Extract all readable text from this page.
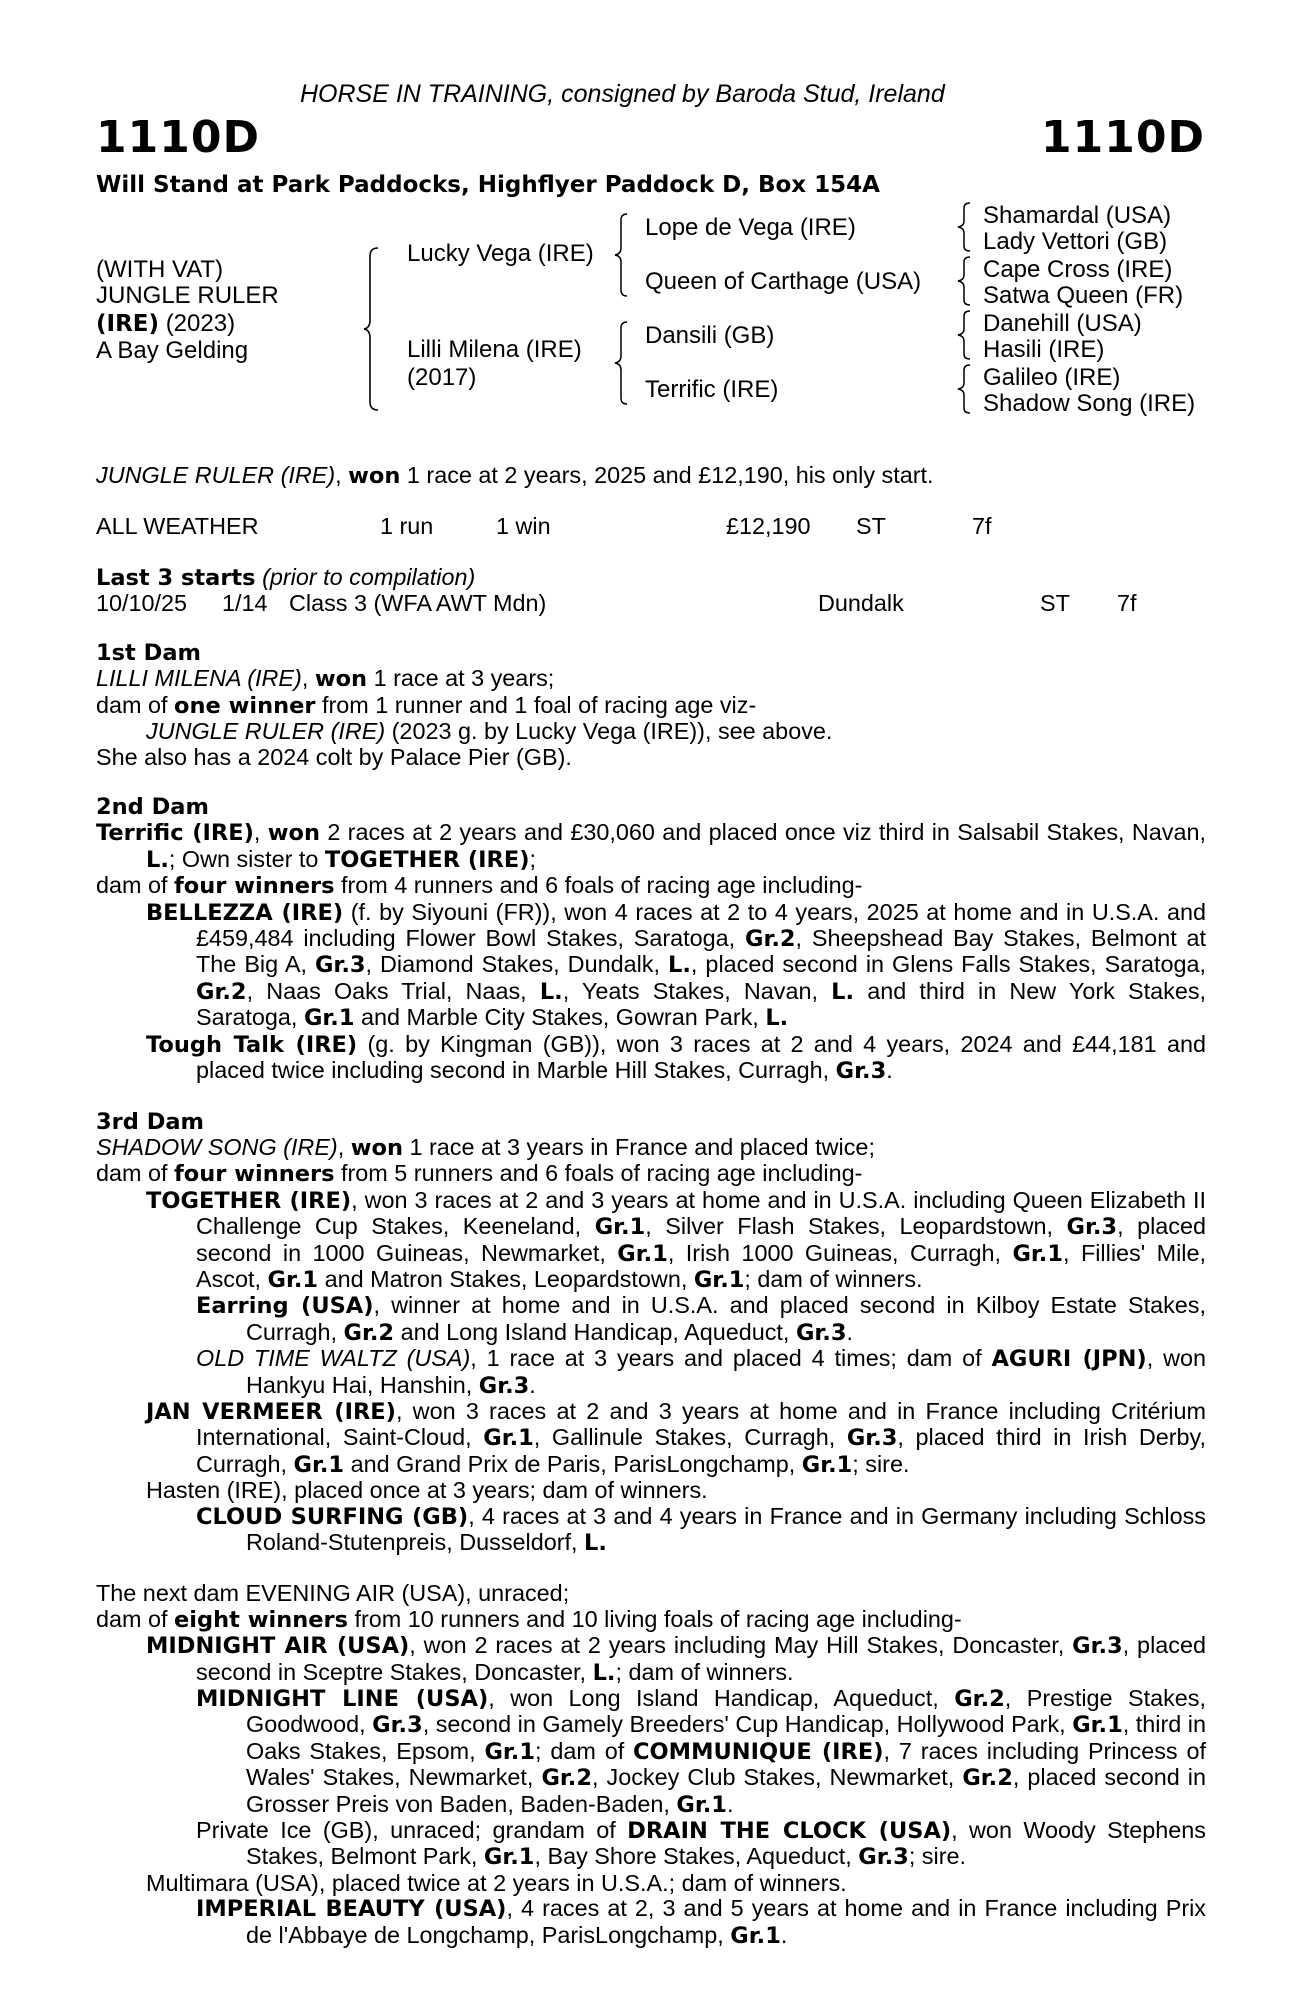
HORSE IN TRAINING, consigned by Baroda Stud, Ireland
1110D	1110D
Will Stand at Park Paddocks, Highflyer Paddock D, Box 154A
(WITH VAT)
JUNGLE RULER
(IRE) (2023)
A Bay Gelding
Lucky Vega (IRE)
Lilli Milena (IRE)
(2017)
Lope de Vega (IRE)
Queen of Carthage (USA)
Dansili (GB)
Terrific (IRE)
Shamardal (USA)
Lady Vettori (GB)
Cape Cross (IRE)
Satwa Queen (FR)
Danehill (USA)
Hasili (IRE)
Galileo (IRE)
Shadow Song (IRE)
JUNGLE RULER (IRE), won 1 race at 2 years, 2025 and £12,190, his only start.
ALL WEATHER	1 run	1 win	£12,190 ST	7f
Last 3 starts (prior to compilation)
10/10/25 1/14 Class 3 (WFA AWT Mdn)	Dundalk	ST 7f
1st Dam
LILLI MILENA (IRE), won 1 race at 3 years;
dam of one winner from 1 runner and 1 foal of racing age viz-
JUNGLE RULER (IRE) (2023 g. by Lucky Vega (IRE)), see above.
She also has a 2024 colt by Palace Pier (GB).
2nd Dam
Terrific (IRE), won 2 races at 2 years and £30,060 and placed once viz third in Salsabil Stakes, Navan, L.; Own sister to TOGETHER (IRE);
dam of four winners from 4 runners and 6 foals of racing age including-
BELLEZZA (IRE) (f. by Siyouni (FR)), won 4 races at 2 to 4 years, 2025 at home and in U.S.A. and £459,484 including Flower Bowl Stakes, Saratoga, Gr.2, Sheepshead Bay Stakes, Belmont at The Big A, Gr.3, Diamond Stakes, Dundalk, L., placed second in Glens Falls Stakes, Saratoga, Gr.2, Naas Oaks Trial, Naas, L., Yeats Stakes, Navan, L. and third in New York Stakes, Saratoga, Gr.1 and Marble City Stakes, Gowran Park, L.
Tough Talk (IRE) (g. by Kingman (GB)), won 3 races at 2 and 4 years, 2024 and £44,181 and placed twice including second in Marble Hill Stakes, Curragh, Gr.3.
3rd Dam
SHADOW SONG (IRE), won 1 race at 3 years in France and placed twice;
dam of four winners from 5 runners and 6 foals of racing age including-
TOGETHER (IRE), won 3 races at 2 and 3 years at home and in U.S.A. including Queen Elizabeth II Challenge Cup Stakes, Keeneland, Gr.1, Silver Flash Stakes, Leopardstown, Gr.3, placed second in 1000 Guineas, Newmarket, Gr.1, Irish 1000 Guineas, Curragh, Gr.1, Fillies' Mile, Ascot, Gr.1 and Matron Stakes, Leopardstown, Gr.1; dam of winners.
Earring (USA), winner at home and in U.S.A. and placed second in Kilboy Estate Stakes, Curragh, Gr.2 and Long Island Handicap, Aqueduct, Gr.3.
OLD TIME WALTZ (USA), 1 race at 3 years and placed 4 times; dam of AGURI (JPN), won Hankyu Hai, Hanshin, Gr.3.
JAN VERMEER (IRE), won 3 races at 2 and 3 years at home and in France including Critérium International, Saint-Cloud, Gr.1, Gallinule Stakes, Curragh, Gr.3, placed third in Irish Derby, Curragh, Gr.1 and Grand Prix de Paris, ParisLongchamp, Gr.1; sire.
Hasten (IRE), placed once at 3 years; dam of winners.
CLOUD SURFING (GB), 4 races at 3 and 4 years in France and in Germany including Schloss Roland-Stutenpreis, Dusseldorf, L.
The next dam EVENING AIR (USA), unraced;
dam of eight winners from 10 runners and 10 living foals of racing age including-
MIDNIGHT AIR (USA), won 2 races at 2 years including May Hill Stakes, Doncaster, Gr.3, placed second in Sceptre Stakes, Doncaster, L.; dam of winners.
MIDNIGHT LINE (USA), won Long Island Handicap, Aqueduct, Gr.2, Prestige Stakes, Goodwood, Gr.3, second in Gamely Breeders' Cup Handicap, Hollywood Park, Gr.1, third in Oaks Stakes, Epsom, Gr.1; dam of COMMUNIQUE (IRE), 7 races including Princess of Wales' Stakes, Newmarket, Gr.2, Jockey Club Stakes, Newmarket, Gr.2, placed second in Grosser Preis von Baden, Baden-Baden, Gr.1.
Private Ice (GB), unraced; grandam of DRAIN THE CLOCK (USA), won Woody Stephens Stakes, Belmont Park, Gr.1, Bay Shore Stakes, Aqueduct, Gr.3; sire.
Multimara (USA), placed twice at 2 years in U.S.A.; dam of winners.
IMPERIAL BEAUTY (USA), 4 races at 2, 3 and 5 years at home and in France including Prix de l'Abbaye de Longchamp, ParisLongchamp, Gr.1.
